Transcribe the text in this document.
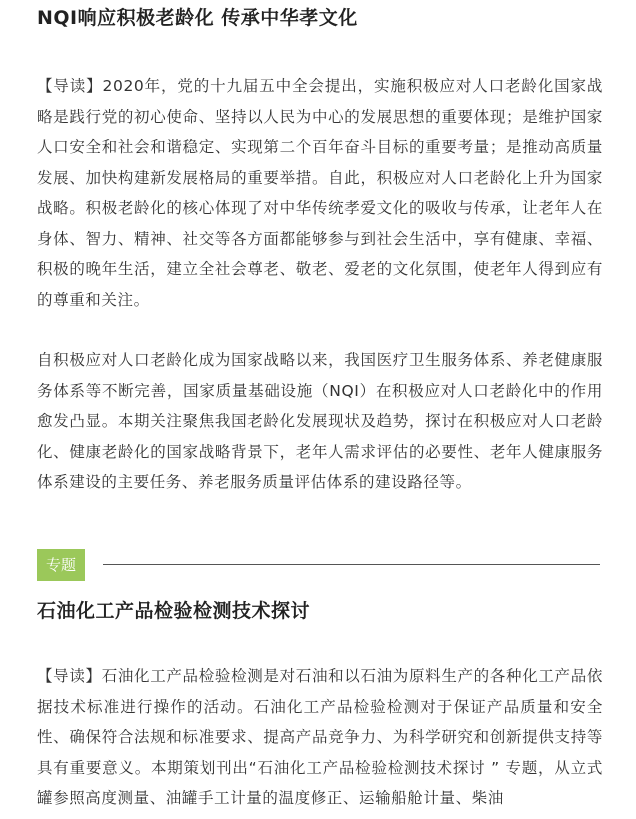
NQI响应积极老龄化 传承中华孝文化

【导读】2020年，党的十九届五中全会提出，实施积极应对人口老龄化国家战略是践行党的初心使命、坚持以人民为中心的发展思想的重要体现；是维护国家人口安全和社会和谐稳定、实现第二个百年奋斗目标的重要考量；是推动高质量发展、加快构建新发展格局的重要举措。自此，积极应对人口老龄化上升为国家战略。积极老龄化的核心体现了对中华传统孝爱文化的吸收与传承，让老年人在身体、智力、精神、社交等各方面都能够参与到社会生活中，享有健康、幸福、积极的晚年生活，建立全社会尊老、敬老、爱老的文化氛围，使老年人得到应有的尊重和关注。

自积极应对人口老龄化成为国家战略以来，我国医疗卫生服务体系、养老健康服务体系等不断完善，国家质量基础设施（NQI）在积极应对人口老龄化中的作用愈发凸显。本期关注聚焦我国老龄化发展现状及趋势，探讨在积极应对人口老龄化、健康老龄化的国家战略背景下，老年人需求评估的必要性、老年人健康服务体系建设的主要任务、养老服务质量评估体系的建设路径等。

专题
石油化工产品检验检测技术探讨

【导读】石油化工产品检验检测是对石油和以石油为原料生产的各种化工产品依据技术标准进行操作的活动。石油化工产品检验检测对于保证产品质量和安全性、确保符合法规和标准要求、提高产品竞争力、为科学研究和创新提供支持等具有重要意义。本期策划刊出“石油化工产品检验检测技术探讨 ” 专题，从立式罐参照高度测量、油罐手工计量的温度修正、运输船舱计量、柴油
